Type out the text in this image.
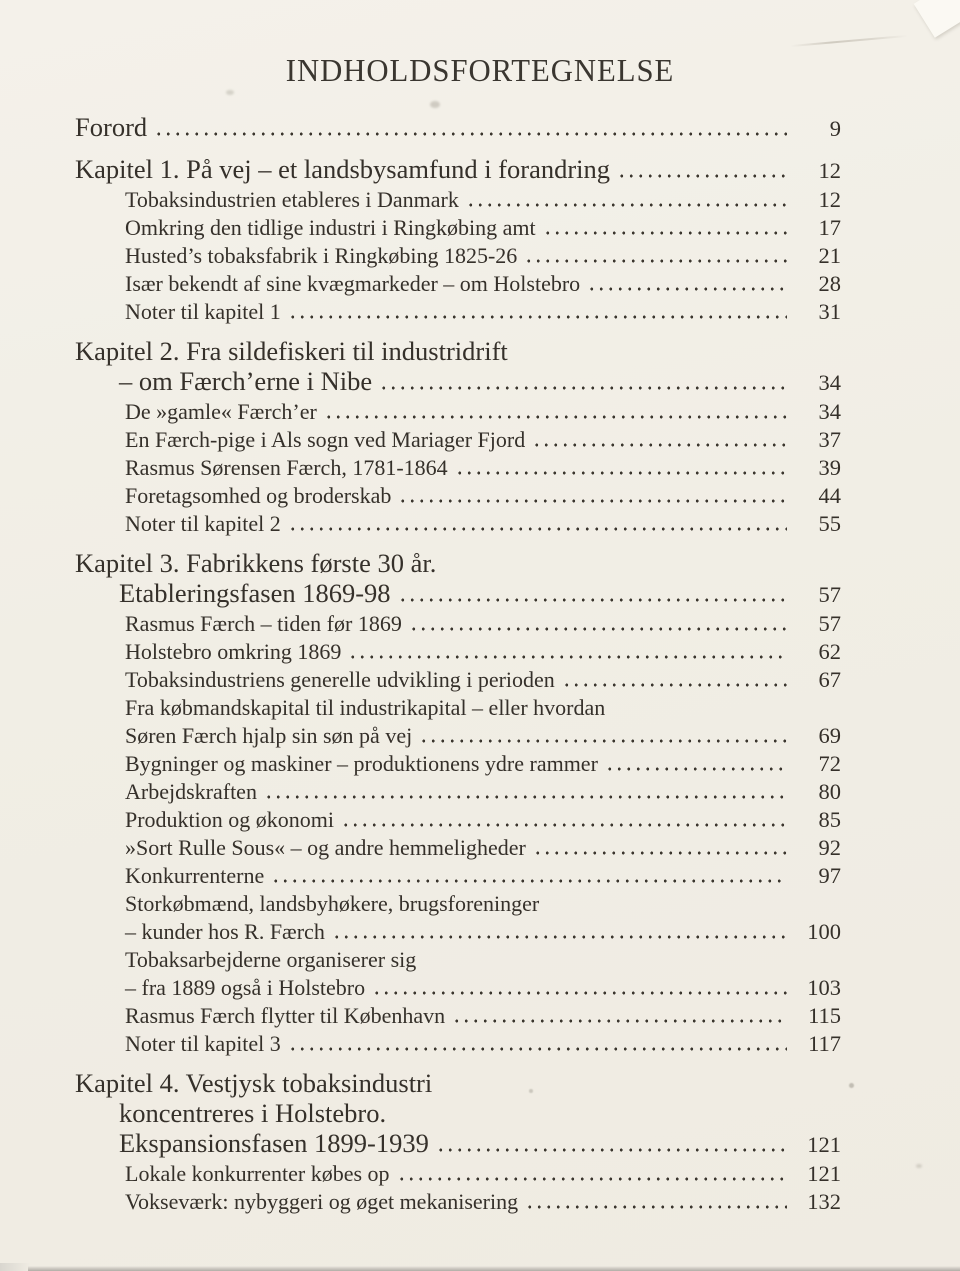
INDHOLDSFORTEGNELSE
Forord	9
Kapitel 1. På vej – et landsbysamfund i forandring	12
Tobaksindustrien etableres i Danmark	12
Omkring den tidlige industri i Ringkøbing amt	17
Husted’s tobaksfabrik i Ringkøbing 1825-26	21
Især bekendt af sine kvægmarkeder – om Holstebro	28
Noter til kapitel 1	31
Kapitel 2. Fra sildefiskeri til industridrift
– om Færch’erne i Nibe	34
De »gamle« Færch’er	34
En Færch-pige i Als sogn ved Mariager Fjord	37
Rasmus Sørensen Færch, 1781-1864	39
Foretagsomhed og broderskab	44
Noter til kapitel 2	55
Kapitel 3. Fabrikkens første 30 år.
Etableringsfasen 1869-98	57
Rasmus Færch – tiden før 1869	57
Holstebro omkring 1869	62
Tobaksindustriens generelle udvikling i perioden	67
Fra købmandskapital til industrikapital – eller hvordan
Søren Færch hjalp sin søn på vej	69
Bygninger og maskiner – produktionens ydre rammer	72
Arbejdskraften	80
Produktion og økonomi	85
»Sort Rulle Sous« – og andre hemmeligheder	92
Konkurrenterne	97
Storkøbmænd, landsbyhøkere, brugsforeninger
– kunder hos R. Færch	100
Tobaksarbejderne organiserer sig
– fra 1889 også i Holstebro	103
Rasmus Færch flytter til København	115
Noter til kapitel 3	117
Kapitel 4. Vestjysk tobaksindustri
koncentreres i Holstebro.
Ekspansionsfasen 1899-1939	121
Lokale konkurrenter købes op	121
Vokseværk: nybyggeri og øget mekanisering	132
